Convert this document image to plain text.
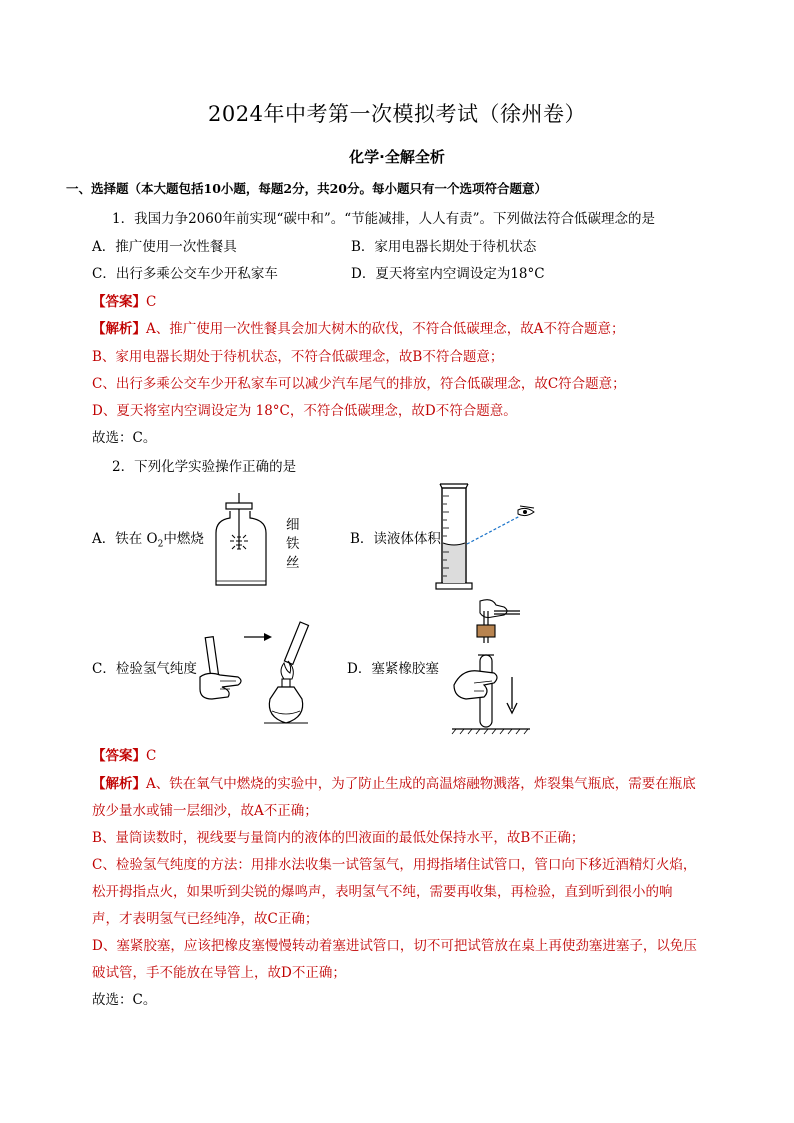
2024年中考第一次模拟考试（徐州卷）
化学·全解全析
一、选择题（本大题包括10小题，每题2分，共20分。每小题只有一个选项符合题意）
1．我国力争2060年前实现“碳中和”。“节能减排，人人有责”。下列做法符合低碳理念的是
A．推广使用一次性餐具	B．家用电器长期处于待机状态
C．出行多乘公交车少开私家车	D．夏天将室内空调设定为18°C
【答案】C
【解析】A、推广使用一次性餐具会加大树木的砍伐，不符合低碳理念，故A不符合题意；
B、家用电器长期处于待机状态，不符合低碳理念，故B不符合题意；
C、出行多乘公交车少开私家车可以减少汽车尾气的排放，符合低碳理念，故C符合题意；
D、夏天将室内空调设定为 18°C，不符合低碳理念，故D不符合题意。
故选：C。
2．下列化学实验操作正确的是
A．铁在 $O_2$中燃烧
细
铁
丝
B．读液体体积
C．检验氢气纯度	D．塞紧橡胶塞
【答案】C
【解析】A、铁在氧气中燃烧的实验中，为了防止生成的高温熔融物溅落，炸裂集气瓶底，需要在瓶底
放少量水或铺一层细沙，故A不正确；
B、量筒读数时，视线要与量筒内的液体的凹液面的最低处保持水平，故B不正确；
C、检验氢气纯度的方法：用排水法收集一试管氢气，用拇指堵住试管口，管口向下移近酒精灯火焰，
松开拇指点火，如果听到尖锐的爆鸣声，表明氢气不纯，需要再收集，再检验，直到听到很小的响
声，才表明氢气已经纯净，故C正确；
D、塞紧胶塞，应该把橡皮塞慢慢转动着塞进试管口，切不可把试管放在桌上再使劲塞进塞子，以免压
破试管，手不能放在导管上，故D不正确；
故选：C。
